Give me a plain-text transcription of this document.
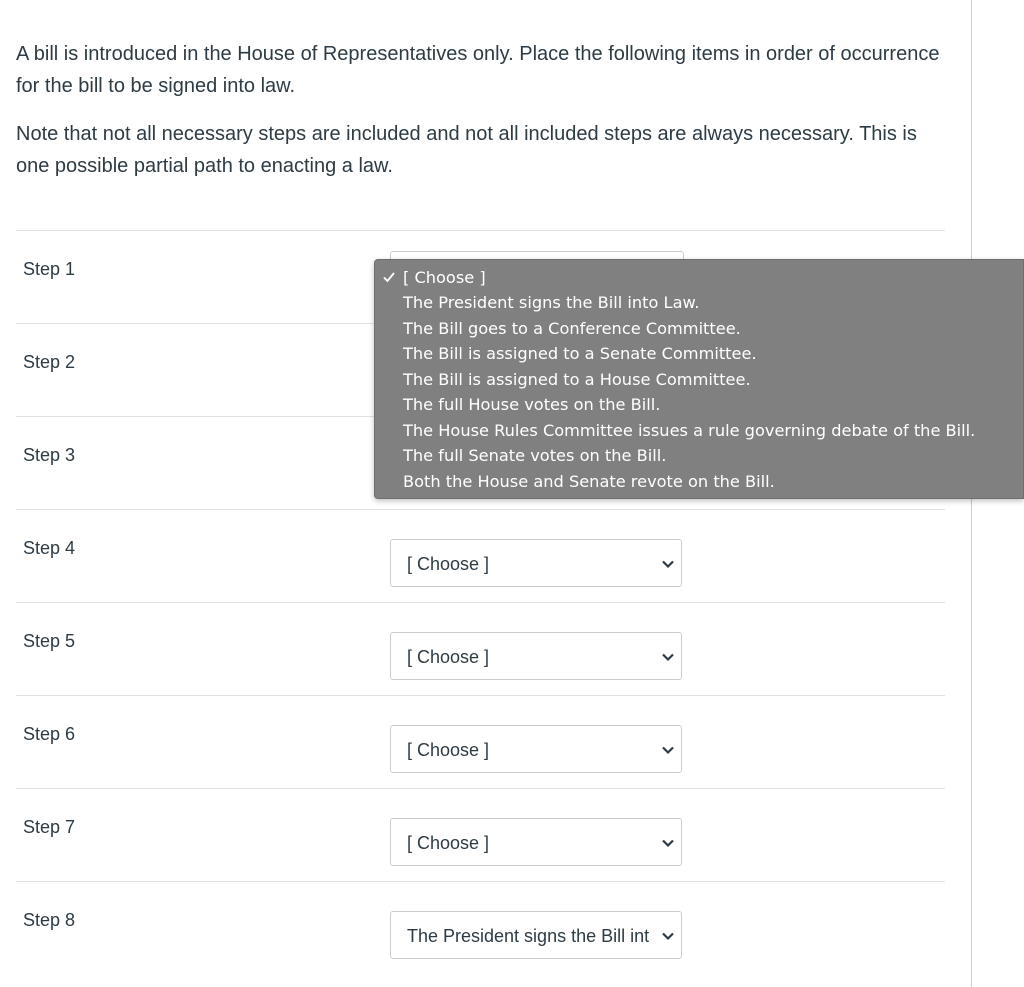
A bill is introduced in the House of Representatives only. Place the following items in order of occurrence for the bill to be signed into law.

Note that not all necessary steps are included and not all included steps are always necessary. This is one possible partial path to enacting a law.

Step 1
Step 2
Step 3
Step 4
[ Choose ]
Step 5
[ Choose ]
Step 6
[ Choose ]
Step 7
[ Choose ]
Step 8
The President signs the Bill int
[ Choose ]
The President signs the Bill into Law.
The Bill goes to a Conference Committee.
The Bill is assigned to a Senate Committee.
The Bill is assigned to a House Committee.
The full House votes on the Bill.
The House Rules Committee issues a rule governing debate of the Bill.
The full Senate votes on the Bill.
Both the House and Senate revote on the Bill.
